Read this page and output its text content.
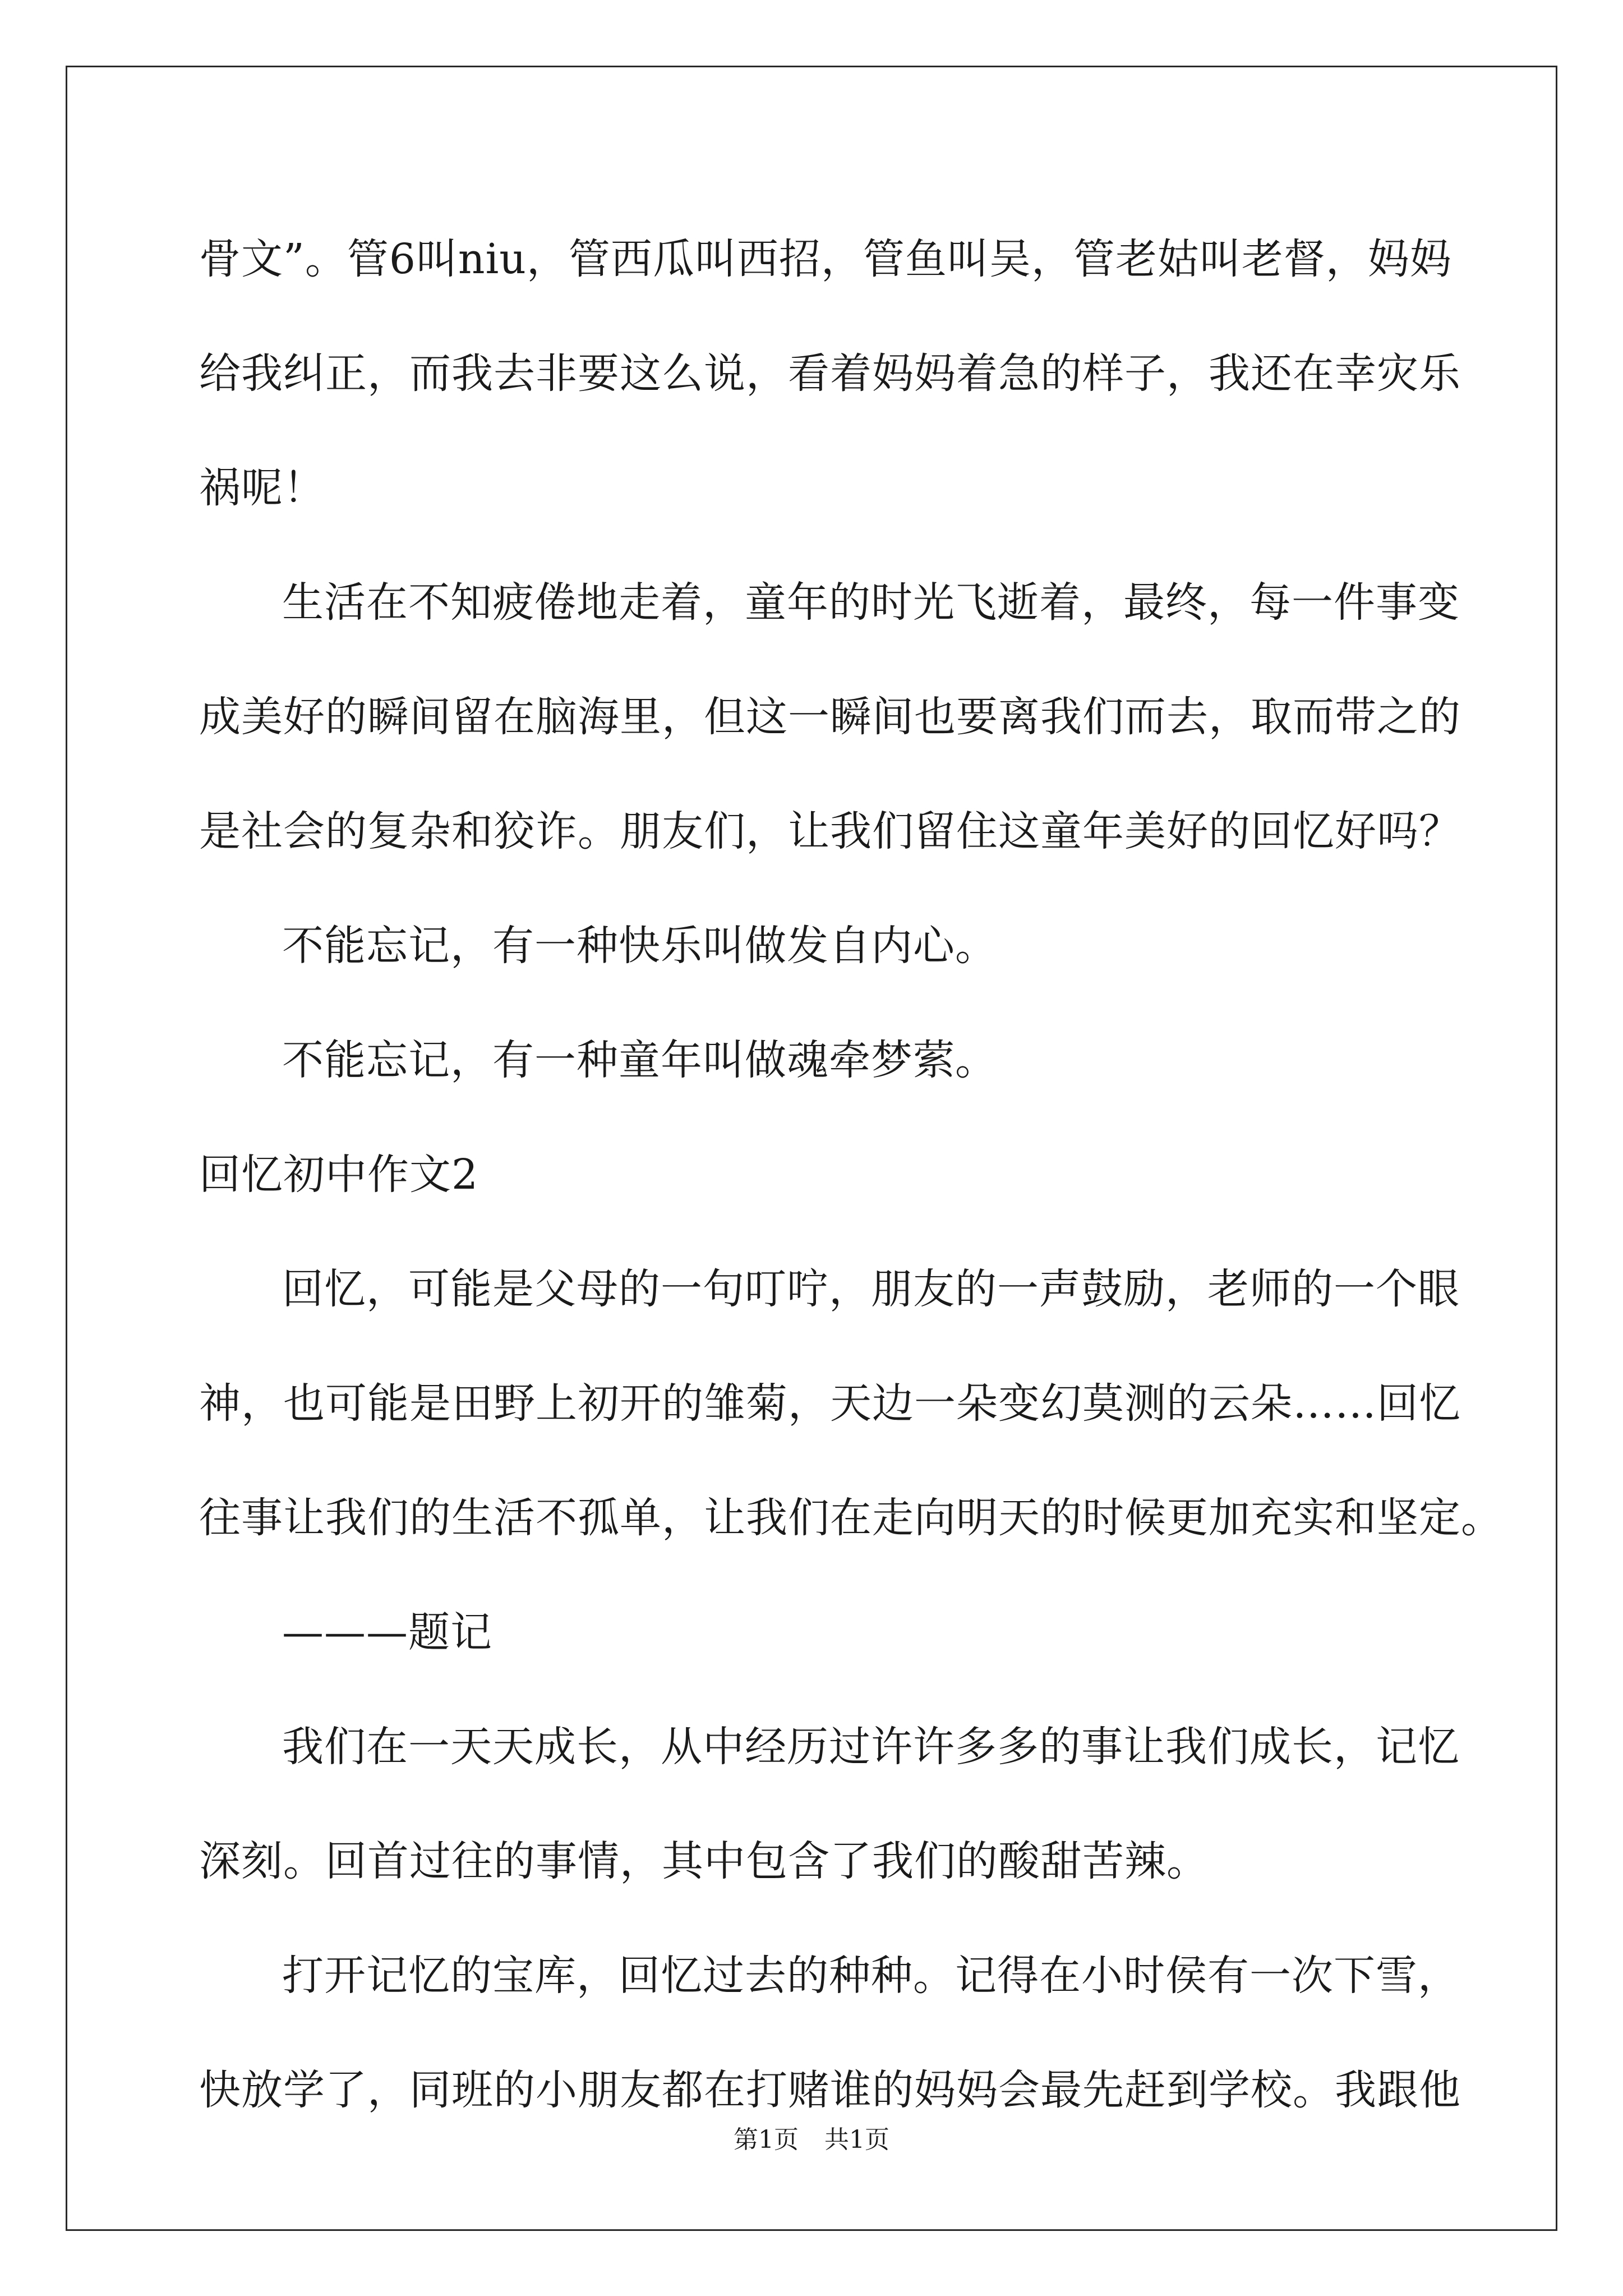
骨文”。管6叫niu，管西瓜叫西招，管鱼叫吴，管老姑叫老督，妈妈
给我纠正，而我去非要这么说，看着妈妈着急的样子，我还在幸灾乐
祸呢！
生活在不知疲倦地走着，童年的时光飞逝着，最终，每一件事变
成美好的瞬间留在脑海里，但这一瞬间也要离我们而去，取而带之的
是社会的复杂和狡诈。朋友们，让我们留住这童年美好的回忆好吗？
不能忘记，有一种快乐叫做发自内心。
不能忘记，有一种童年叫做魂牵梦萦。
回忆初中作文2
回忆，可能是父母的一句叮咛，朋友的一声鼓励，老师的一个眼
神，也可能是田野上初开的雏菊，天边一朵变幻莫测的云朵……回忆
往事让我们的生活不孤单，让我们在走向明天的时候更加充实和坚定。
———题记
我们在一天天成长，从中经历过许许多多的事让我们成长，记忆
深刻。回首过往的事情，其中包含了我们的酸甜苦辣。
打开记忆的宝库，回忆过去的种种。记得在小时侯有一次下雪，
快放学了，同班的小朋友都在打赌谁的妈妈会最先赶到学校。我跟他
第1页 共1页
